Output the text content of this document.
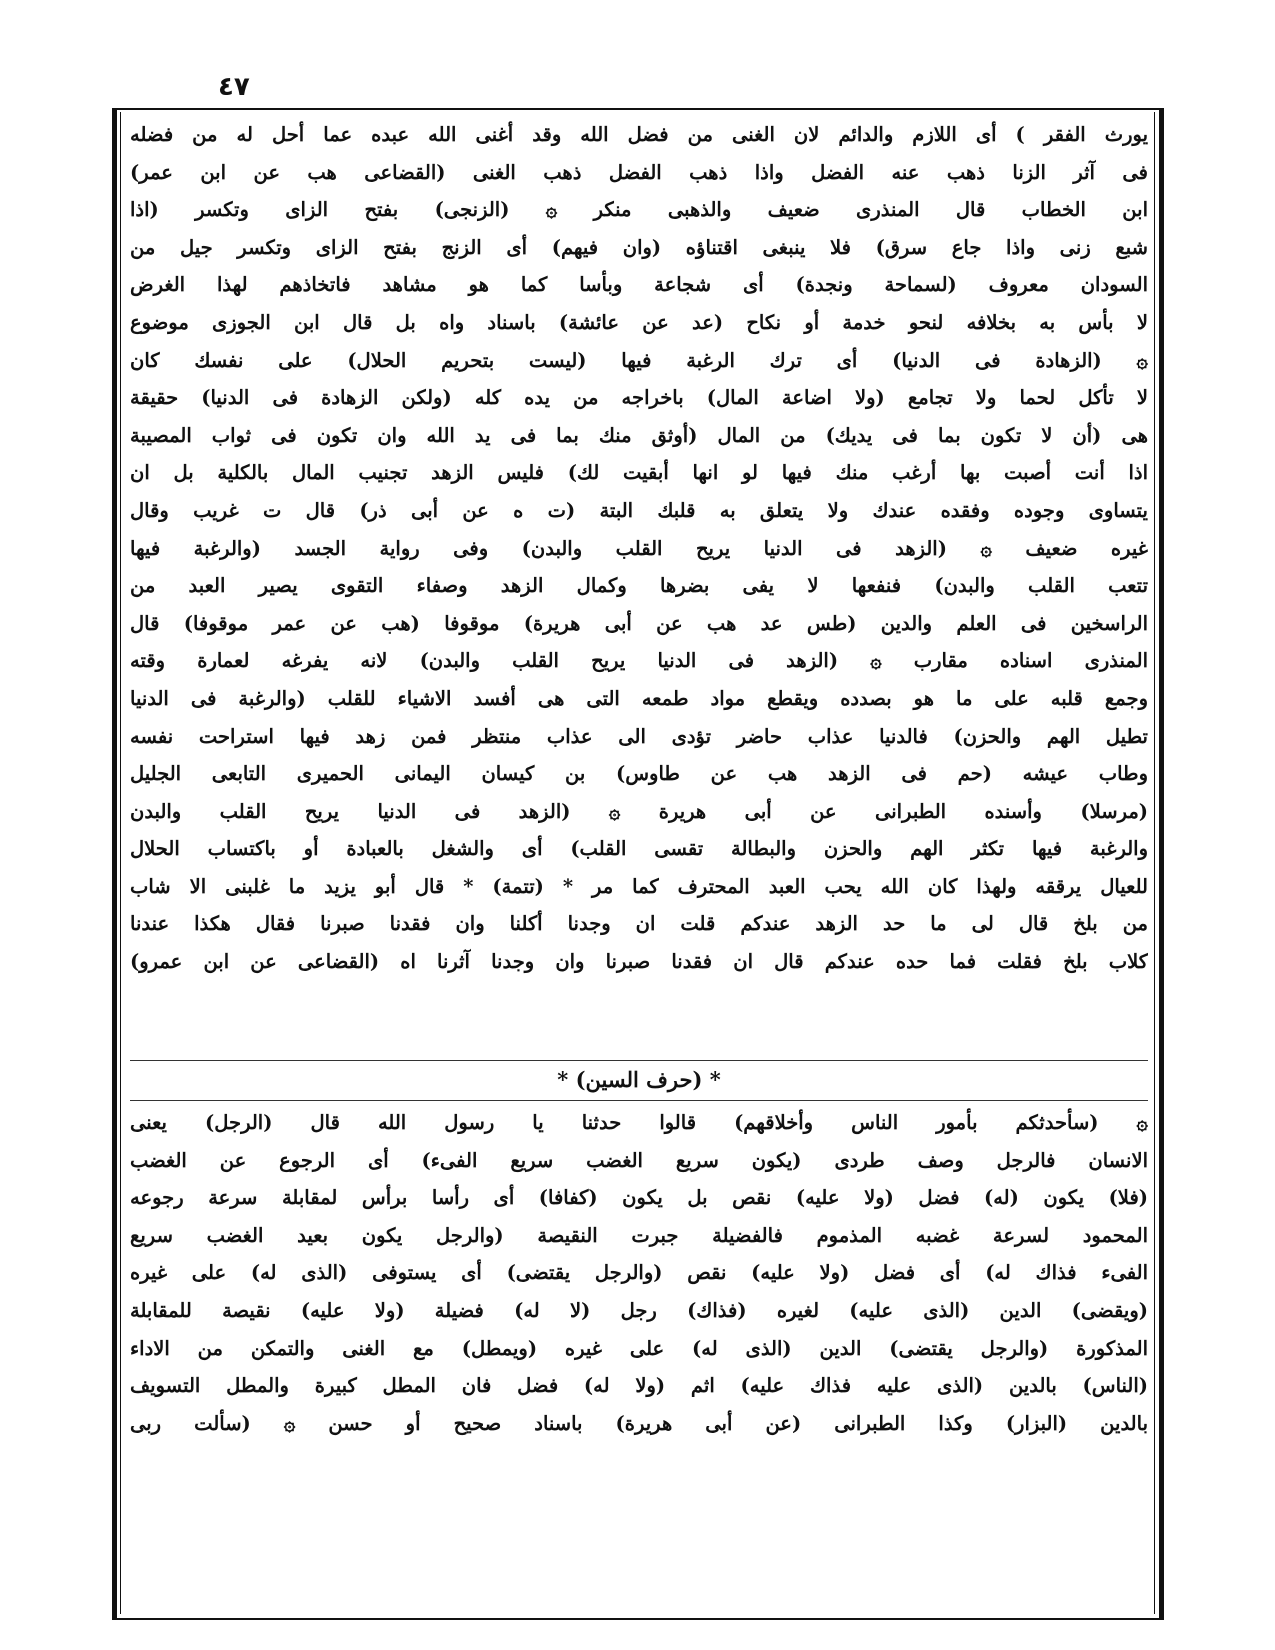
٤٧
يورث الفقر ) أى اللازم والدائم لان الغنى من فضل الله وقد أغنى الله عبده عما أحل له من فضله
فى آثر الزنا ذهب عنه الفضل واذا ذهب الفضل ذهب الغنى (القضاعى هب عن ابن عمر)
ابن الخطاب قال المنذرى ضعيف والذهبى منكر ۞ (الزنجى) بفتح الزاى وتكسر (اذا
شبع زنى واذا جاع سرق) فلا ينبغى اقتناؤه (وان فيهم) أى الزنج بفتح الزاى وتكسر جيل من
السودان معروف (لسماحة ونجدة) أى شجاعة وبأسا كما هو مشاهد فاتخاذهم لهذا الغرض
لا بأس به بخلافه لنحو خدمة أو نكاح (عد عن عائشة) باسناد واه بل قال ابن الجوزى موضوع
۞ (الزهادة فى الدنيا) أى ترك الرغبة فيها (ليست بتحريم الحلال) على نفسك كان
لا تأكل لحما ولا تجامع (ولا اضاعة المال) باخراجه من يده كله (ولكن الزهادة فى الدنيا) حقيقة
هى (أن لا تكون بما فى يديك) من المال (أوثق منك بما فى يد الله وان تكون فى ثواب المصيبة
اذا أنت أصبت بها أرغب منك فيها لو انها أبقيت لك) فليس الزهد تجنيب المال بالكلية بل ان
يتساوى وجوده وفقده عندك ولا يتعلق به قلبك البتة (ت ه عن أبى ذر) قال ت غريب وقال
غيره ضعيف ۞ (الزهد فى الدنيا يريح القلب والبدن) وفى رواية الجسد (والرغبة فيها
تتعب القلب والبدن) فنفعها لا يفى بضرها وكمال الزهد وصفاء التقوى يصير العبد من
الراسخين فى العلم والدين (طس عد هب عن أبى هريرة) موقوفا (هب عن عمر موقوفا) قال
المنذرى اسناده مقارب ۞ (الزهد فى الدنيا يريح القلب والبدن) لانه يفرغه لعمارة وقته
وجمع قلبه على ما هو بصدده ويقطع مواد طمعه التى هى أفسد الاشياء للقلب (والرغبة فى الدنيا
تطيل الهم والحزن) فالدنيا عذاب حاضر تؤدى الى عذاب منتظر فمن زهد فيها استراحت نفسه
وطاب عيشه (حم فى الزهد هب عن طاوس) بن كيسان اليمانى الحميرى التابعى الجليل
(مرسلا) وأسنده الطبرانى عن أبى هريرة ۞ (الزهد فى الدنيا يريح القلب والبدن
والرغبة فيها تكثر الهم والحزن والبطالة تقسى القلب) أى والشغل بالعبادة أو باكتساب الحلال
للعيال يرققه ولهذا كان الله يحب العبد المحترف كما مر * (تتمة) * قال أبو يزيد ما غلبنى الا شاب
من بلخ قال لى ما حد الزهد عندكم قلت ان وجدنا أكلنا وان فقدنا صبرنا فقال هكذا عندنا
كلاب بلخ فقلت فما حده عندكم قال ان فقدنا صبرنا وان وجدنا آثرنا اه (القضاعى عن ابن عمرو)
* (حرف السين) *
۞ (سأحدثكم بأمور الناس وأخلاقهم) قالوا حدثنا يا رسول الله قال (الرجل) يعنى
الانسان فالرجل وصف طردى (يكون سريع الغضب سريع الفىء) أى الرجوع عن الغضب
(فلا) يكون (له) فضل (ولا عليه) نقص بل يكون (كفافا) أى رأسا برأس لمقابلة سرعة رجوعه
المحمود لسرعة غضبه المذموم فالفضيلة جبرت النقيصة (والرجل يكون بعيد الغضب سريع
الفىء فذاك له) أى فضل (ولا عليه) نقص (والرجل يقتضى) أى يستوفى (الذى له) على غيره
(ويقضى) الدين (الذى عليه) لغيره (فذاك) رجل (لا له) فضيلة (ولا عليه) نقيصة للمقابلة
المذكورة (والرجل يقتضى) الدين (الذى له) على غيره (ويمطل) مع الغنى والتمكن من الاداء
(الناس) بالدين (الذى عليه فذاك عليه) اثم (ولا له) فضل فان المطل كبيرة والمطل التسويف
بالدين (البزار) وكذا الطبرانى (عن أبى هريرة) باسناد صحيح أو حسن ۞ (سألت ربى
